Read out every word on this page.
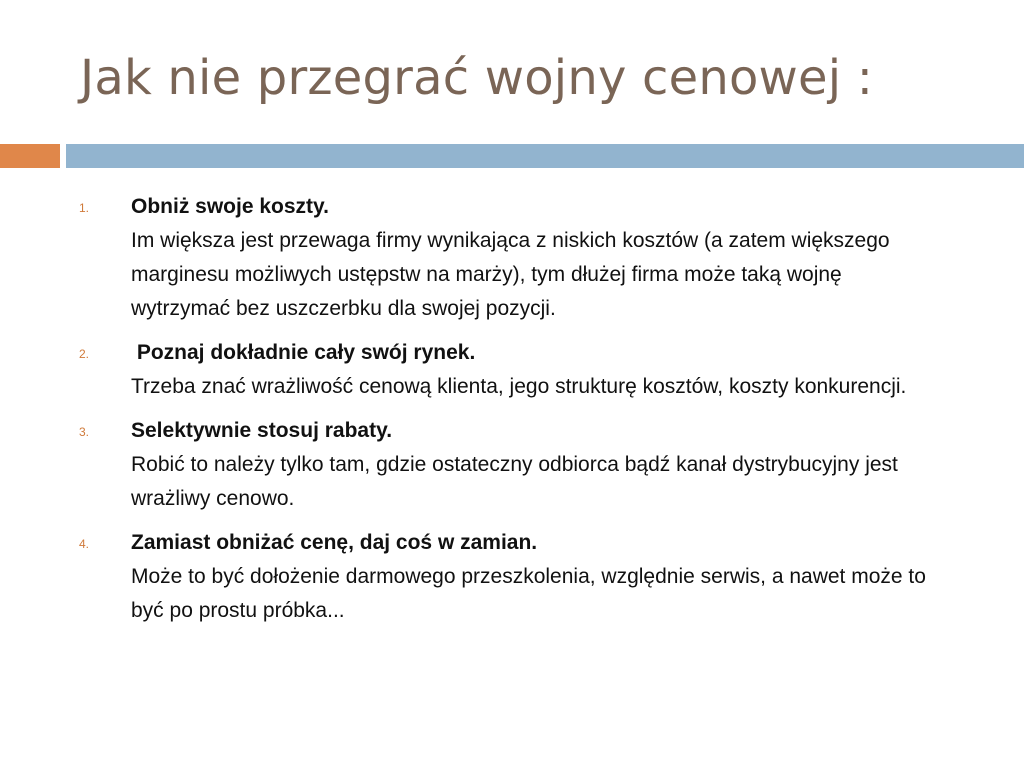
Jak nie przegrać wojny cenowej :
1. Obniż swoje koszty.
Im większa jest przewaga firmy wynikająca z niskich kosztów (a zatem większego marginesu możliwych ustępstw na marży), tym dłużej firma może taką wojnę wytrzymać bez uszczerbku dla swojej pozycji.
2. Poznaj dokładnie cały swój rynek.
Trzeba znać wrażliwość cenową klienta, jego strukturę kosztów, koszty konkurencji.
3. Selektywnie stosuj rabaty.
Robić to należy tylko tam, gdzie ostateczny odbiorca bądź kanał dystrybucyjny jest wrażliwy cenowo.
4. Zamiast obniżać cenę, daj coś w zamian.
Może to być dołożenie darmowego przeszkolenia, względnie serwis, a nawet może to być po prostu próbka...
